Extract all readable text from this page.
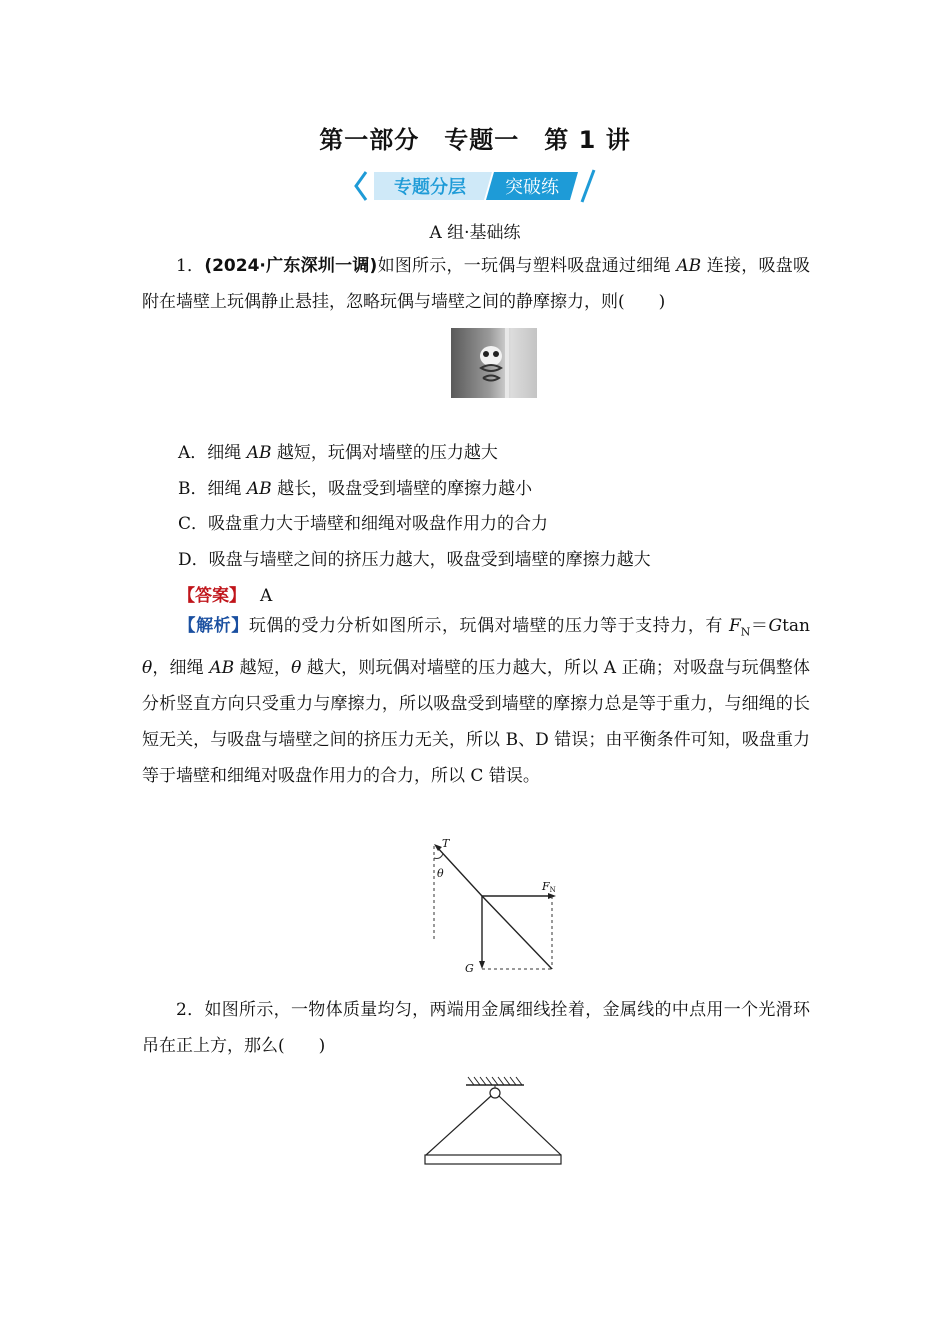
第一部分　专题一　第 1 讲
专题分层 突破练
A 组·基础练
1．(2024·广东深圳一调)如图所示，一玩偶与塑料吸盘通过细绳 AB 连接，吸盘吸附在墙壁上玩偶静止悬挂，忽略玩偶与墙壁之间的静摩擦力，则(　　)
A．细绳 AB 越短，玩偶对墙壁的压力越大
B．细绳 AB 越长，吸盘受到墙壁的摩擦力越小
C．吸盘重力大于墙壁和细绳对吸盘作用力的合力
D．吸盘与墙壁之间的挤压力越大，吸盘受到墙壁的摩擦力越大
【答案】 A
【解析】玩偶的受力分析如图所示，玩偶对墙壁的压力等于支持力，有 $F_N=Gtan$ θ，细绳 AB 越短，θ 越大，则玩偶对墙壁的压力越大，所以 A 正确；对吸盘与玩偶整体分析竖直方向只受重力与摩擦力，所以吸盘受到墙壁的摩擦力总是等于重力，与细绳的长短无关，与吸盘与墙壁之间的挤压力无关，所以 B、D 错误；由平衡条件可知，吸盘重力等于墙壁和细绳对吸盘作用力的合力，所以 C 错误。
T
θ
FN
G
2．如图所示，一物体质量均匀，两端用金属细线拴着，金属线的中点用一个光滑环吊在正上方，那么(　　)
